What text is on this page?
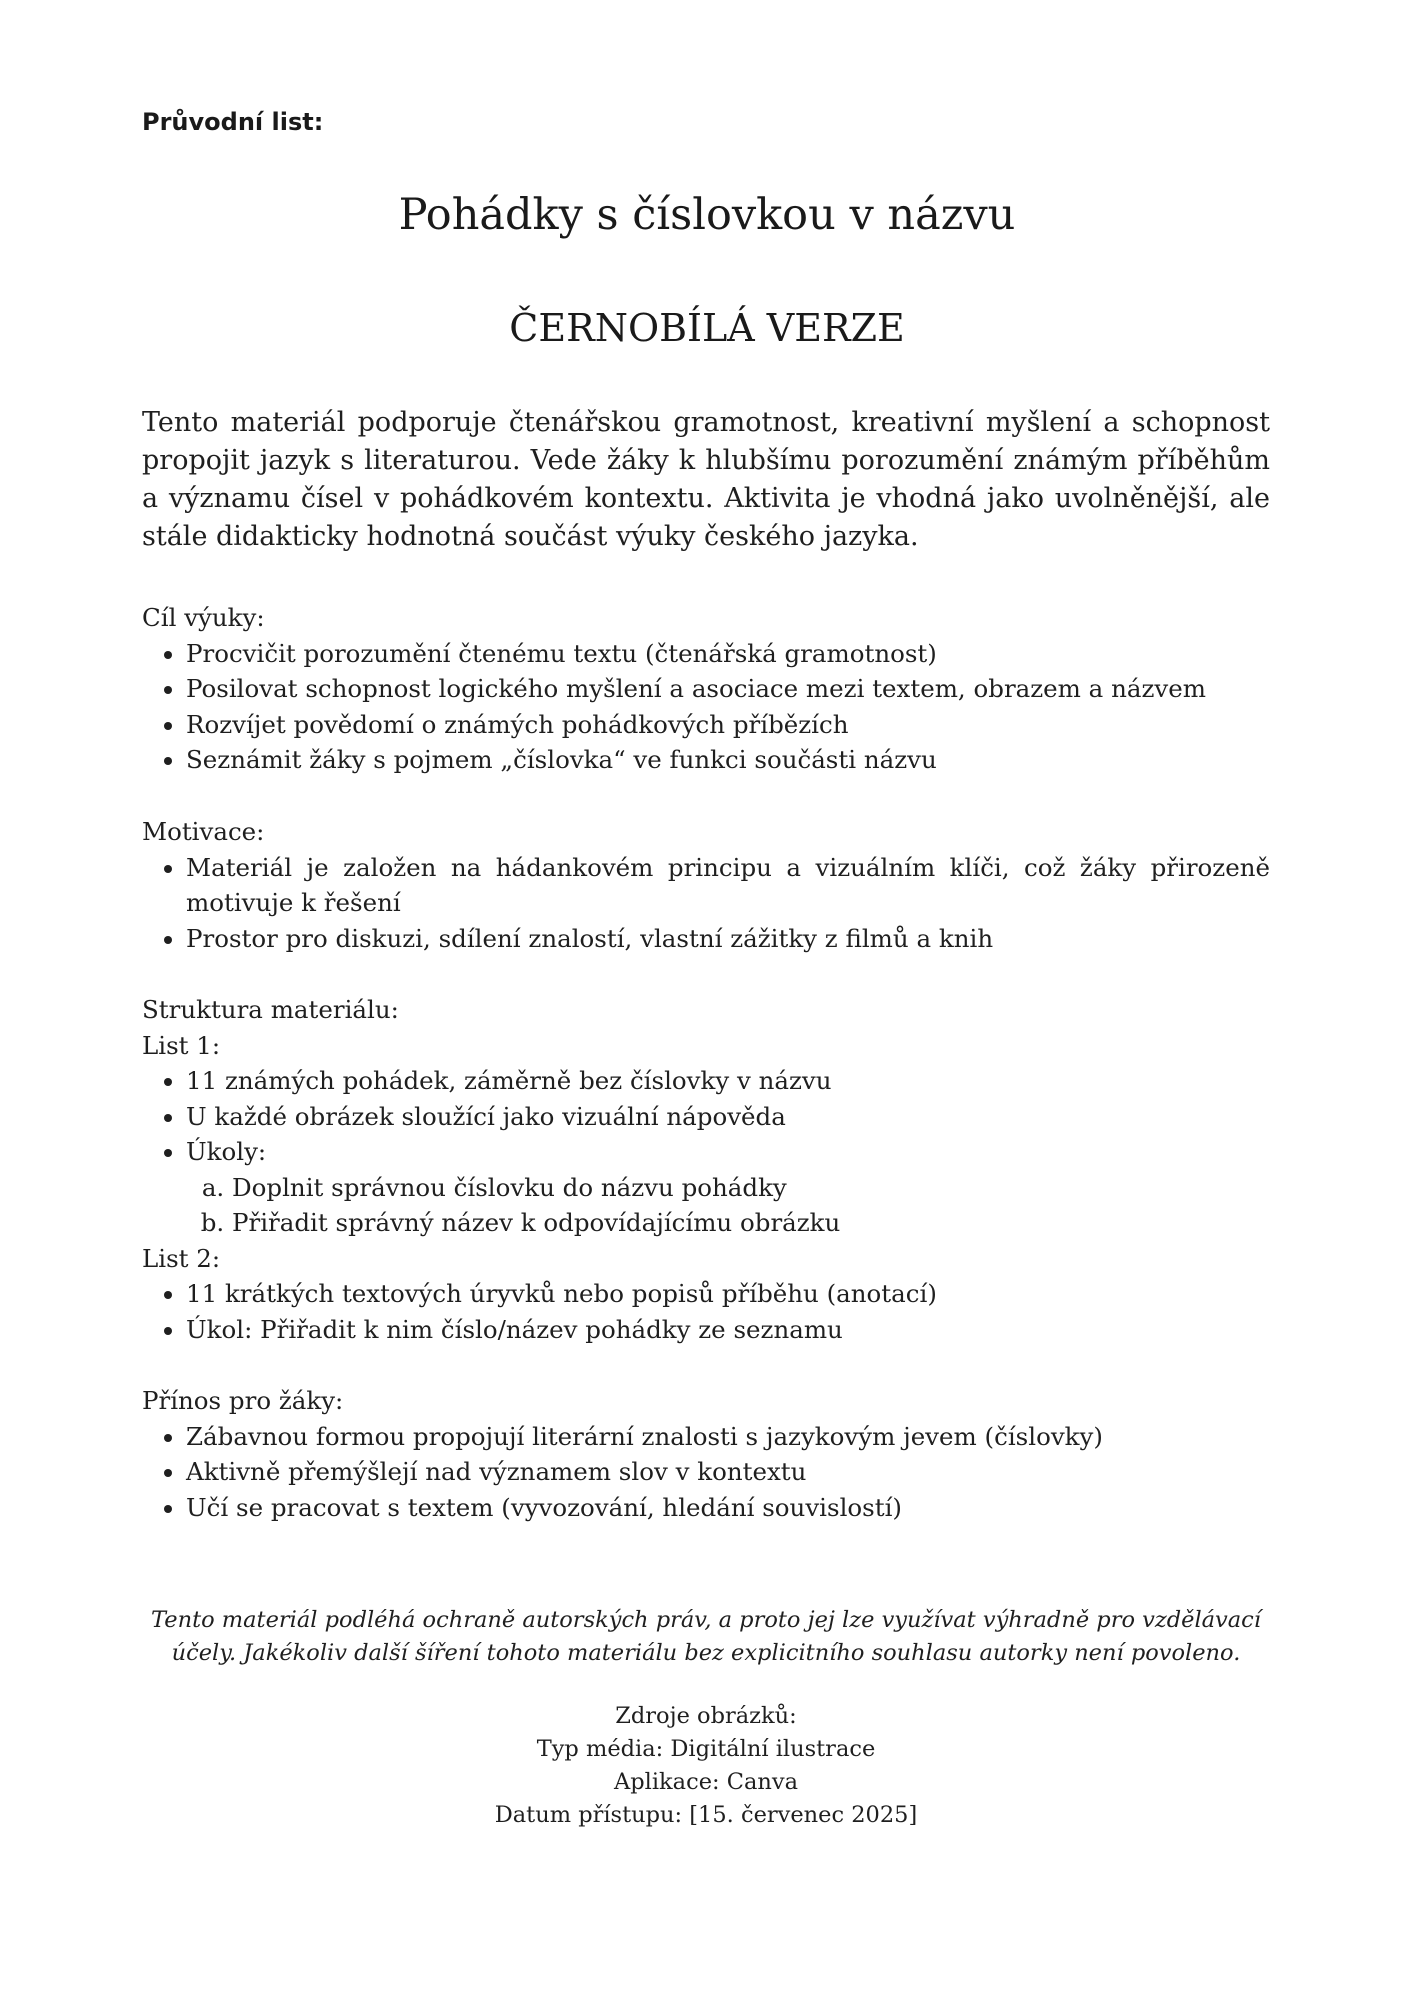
Průvodní list:
Pohádky s číslovkou v názvu
ČERNOBÍLÁ VERZE

Tento materiál podporuje čtenářskou gramotnost, kreativní myšlení a schopnost propojit jazyk s literaturou. Vede žáky k hlubšímu porozumění známým příběhům a významu čísel v pohádkovém kontextu. Aktivita je vhodná jako uvolněnější, ale stále didakticky hodnotná součást výuky českého jazyka.

Cíl výuky:

• Procvičit porozumění čtenému textu (čtenářská gramotnost)
• Posilovat schopnost logického myšlení a asociace mezi textem, obrazem a názvem
• Rozvíjet povědomí o známých pohádkových příbězích
• Seznámit žáky s pojmem „číslovka“ ve funkci součásti názvu

Motivace:

• Materiál je založen na hádankovém principu a vizuálním klíči, což žáky přirozeně motivuje k řešení
• Prostor pro diskuzi, sdílení znalostí, vlastní zážitky z filmů a knih

Struktura materiálu:

List 1:

• 11 známých pohádek, záměrně bez číslovky v názvu
• U každé obrázek sloužící jako vizuální nápověda
• Úkoly:
a. Doplnit správnou číslovku do názvu pohádky
b. Přiřadit správný název k odpovídajícímu obrázku

List 2:

• 11 krátkých textových úryvků nebo popisů příběhu (anotací)
• Úkol: Přiřadit k nim číslo/název pohádky ze seznamu

Přínos pro žáky:

• Zábavnou formou propojují literární znalosti s jazykovým jevem (číslovky)
• Aktivně přemýšlejí nad významem slov v kontextu
• Učí se pracovat s textem (vyvozování, hledání souvislostí)

Tento materiál podléhá ochraně autorských práv, a proto jej lze využívat výhradně pro vzdělávací účely. Jakékoliv další šíření tohoto materiálu bez explicitního souhlasu autorky není povoleno.

Zdroje obrázků:

Typ média: Digitální ilustrace

Aplikace: Canva

Datum přístupu: [15. červenec 2025]
